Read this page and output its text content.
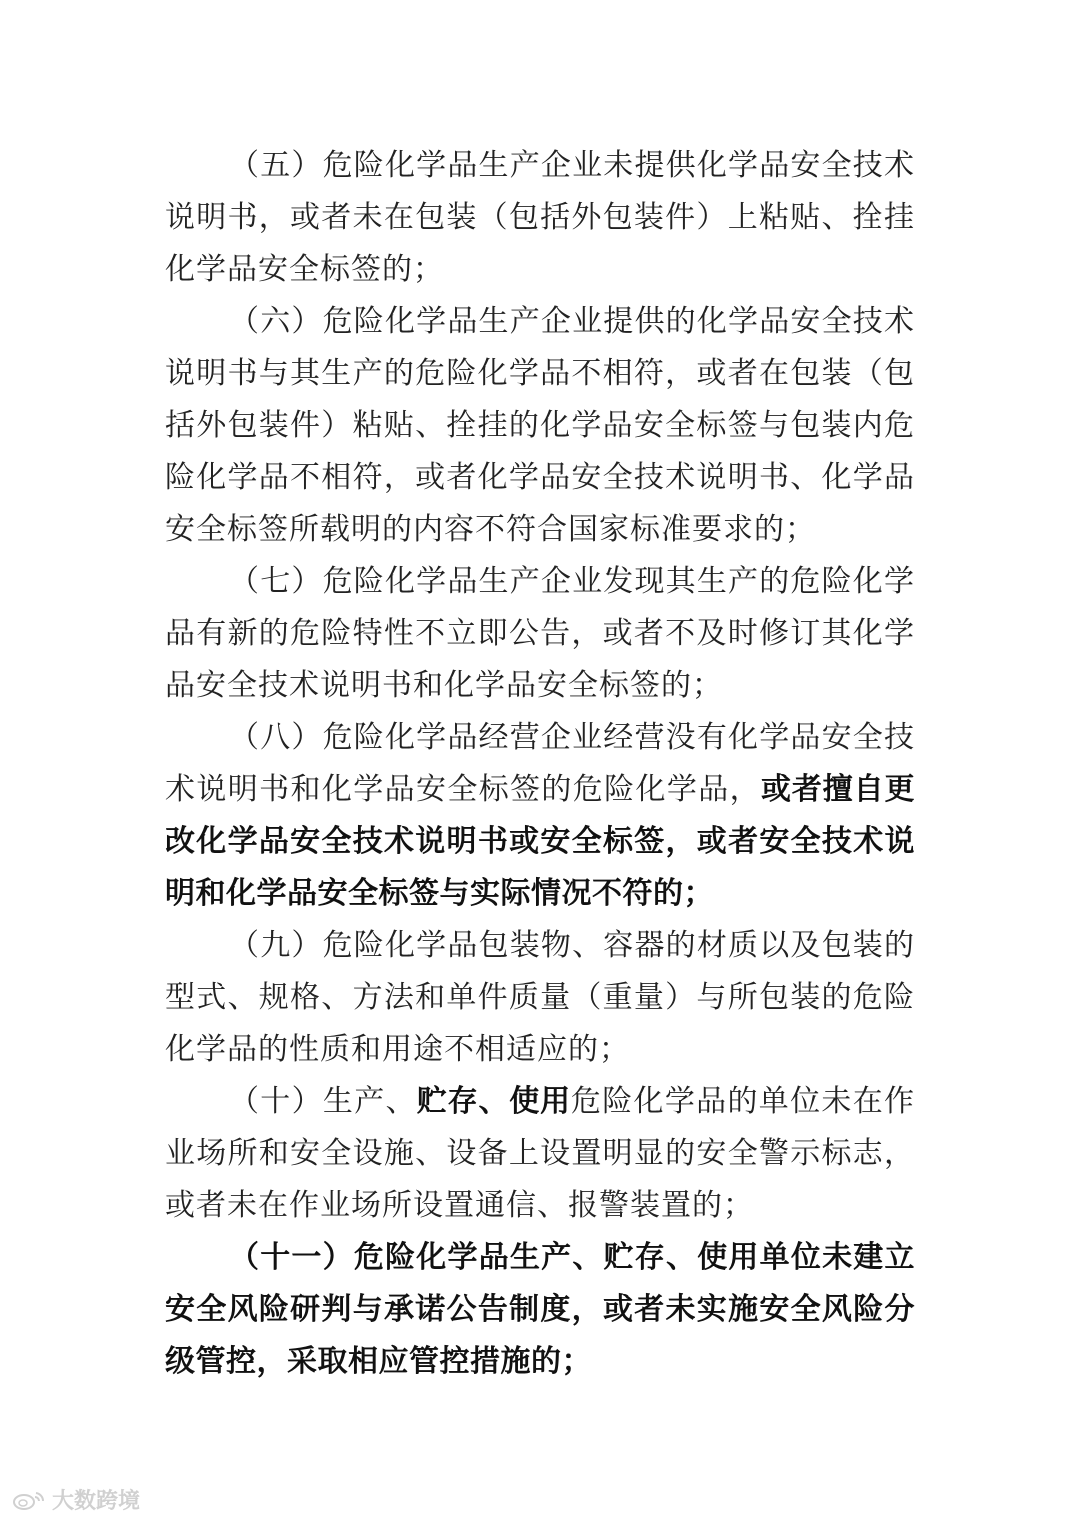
（五）危险化学品生产企业未提供化学品安全技术说明书，或者未在包装（包括外包装件）上粘贴、拴挂化学品安全标签的；

（六）危险化学品生产企业提供的化学品安全技术说明书与其生产的危险化学品不相符，或者在包装（包括外包装件）粘贴、拴挂的化学品安全标签与包装内危险化学品不相符，或者化学品安全技术说明书、化学品安全标签所载明的内容不符合国家标准要求的；

（七）危险化学品生产企业发现其生产的危险化学品有新的危险特性不立即公告，或者不及时修订其化学品安全技术说明书和化学品安全标签的；

（八）危险化学品经营企业经营没有化学品安全技术说明书和化学品安全标签的危险化学品，或者擅自更改化学品安全技术说明书或安全标签，或者安全技术说明和化学品安全标签与实际情况不符的；

（九）危险化学品包装物、容器的材质以及包装的型式、规格、方法和单件质量（重量）与所包装的危险化学品的性质和用途不相适应的；

（十）生产、贮存、使用危险化学品的单位未在作业场所和安全设施、设备上设置明显的安全警示标志，或者未在作业场所设置通信、报警装置的；

（十一）危险化学品生产、贮存、使用单位未建立安全风险研判与承诺公告制度，或者未实施安全风险分级管控，采取相应管控措施的；

大数跨境
